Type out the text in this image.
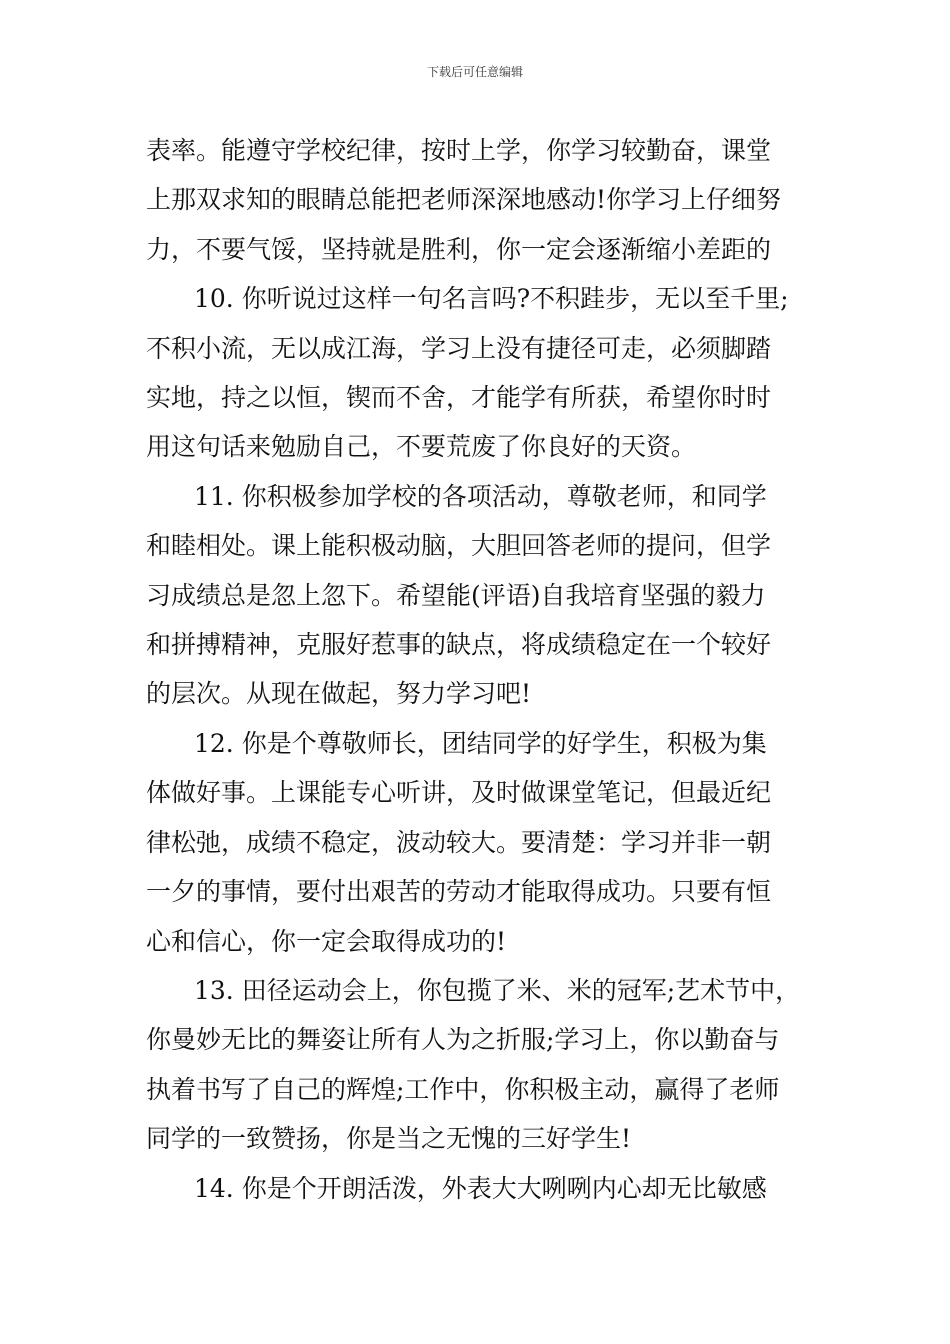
下载后可任意编辑

表率。能遵守学校纪律，按时上学，你学习较勤奋，课堂
上那双求知的眼睛总能把老师深深地感动!你学习上仔细努
力，不要气馁，坚持就是胜利，你一定会逐渐缩小差距的

10. 你听说过这样一句名言吗?不积跬步，无以至千里;
不积小流，无以成江海，学习上没有捷径可走，必须脚踏
实地，持之以恒，锲而不舍，才能学有所获，希望你时时
用这句话来勉励自己，不要荒废了你良好的天资。

11. 你积极参加学校的各项活动，尊敬老师，和同学
和睦相处。课上能积极动脑，大胆回答老师的提问，但学
习成绩总是忽上忽下。希望能(评语)自我培育坚强的毅力
和拼搏精神，克服好惹事的缺点，将成绩稳定在一个较好
的层次。从现在做起，努力学习吧!

12. 你是个尊敬师长，团结同学的好学生，积极为集
体做好事。上课能专心听讲，及时做课堂笔记，但最近纪
律松弛，成绩不稳定，波动较大。要清楚：学习并非一朝
一夕的事情，要付出艰苦的劳动才能取得成功。只要有恒
心和信心，你一定会取得成功的!

13. 田径运动会上，你包揽了米、米的冠军;艺术节中，
你曼妙无比的舞姿让所有人为之折服;学习上，你以勤奋与
执着书写了自己的辉煌;工作中，你积极主动，赢得了老师
同学的一致赞扬，你是当之无愧的三好学生!

14. 你是个开朗活泼，外表大大咧咧内心却无比敏感
